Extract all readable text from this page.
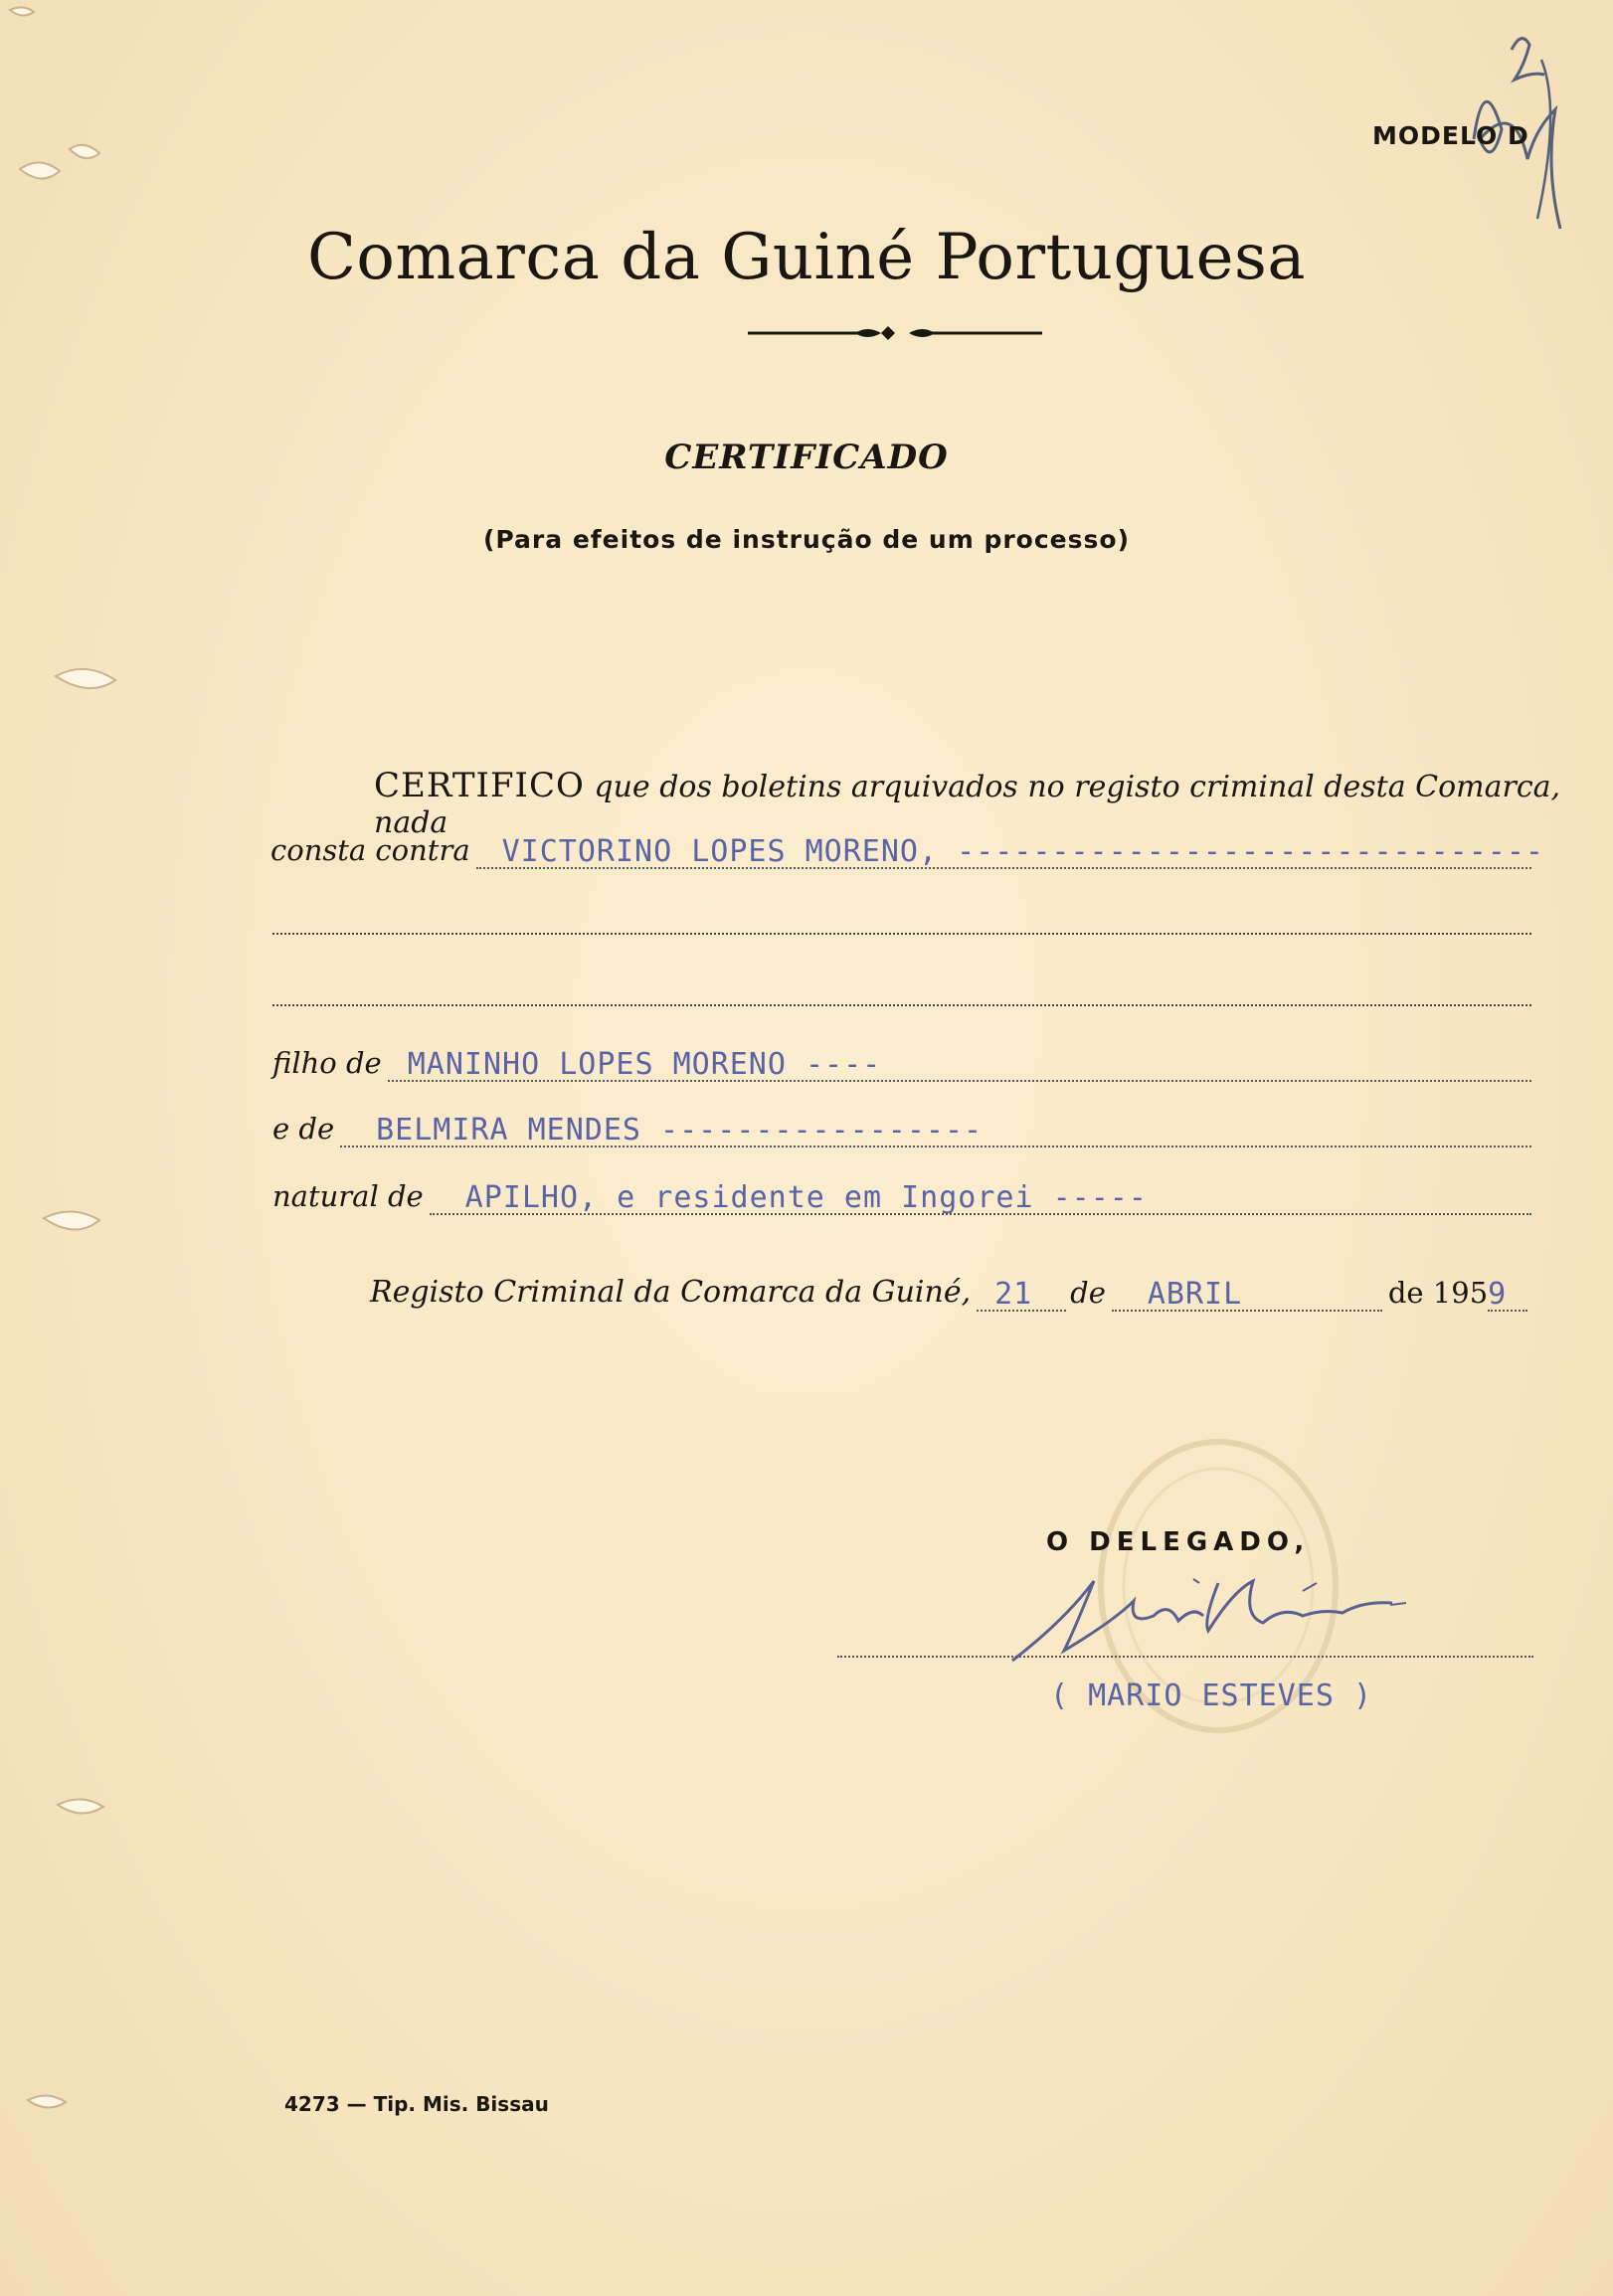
MODELO D
Comarca da Guiné Portuguesa
CERTIFICADO
(Para efeitos de instrução de um processo)
CERTIFICO que dos boletins arquivados no registo criminal desta Comarca, nada
consta contra VICTORINO LOPES MORENO, -------------------------------
filho de MANINHO LOPES MORENO ----
e de BELMIRA MENDES -----------------
natural de APILHO, e residente em Ingorei -----
Registo Criminal da Comarca da Guiné, 21 de ABRIL	de 195 9
O DELEGADO,
( MARIO ESTEVES )
4273 — Tip. Mis. Bissau
